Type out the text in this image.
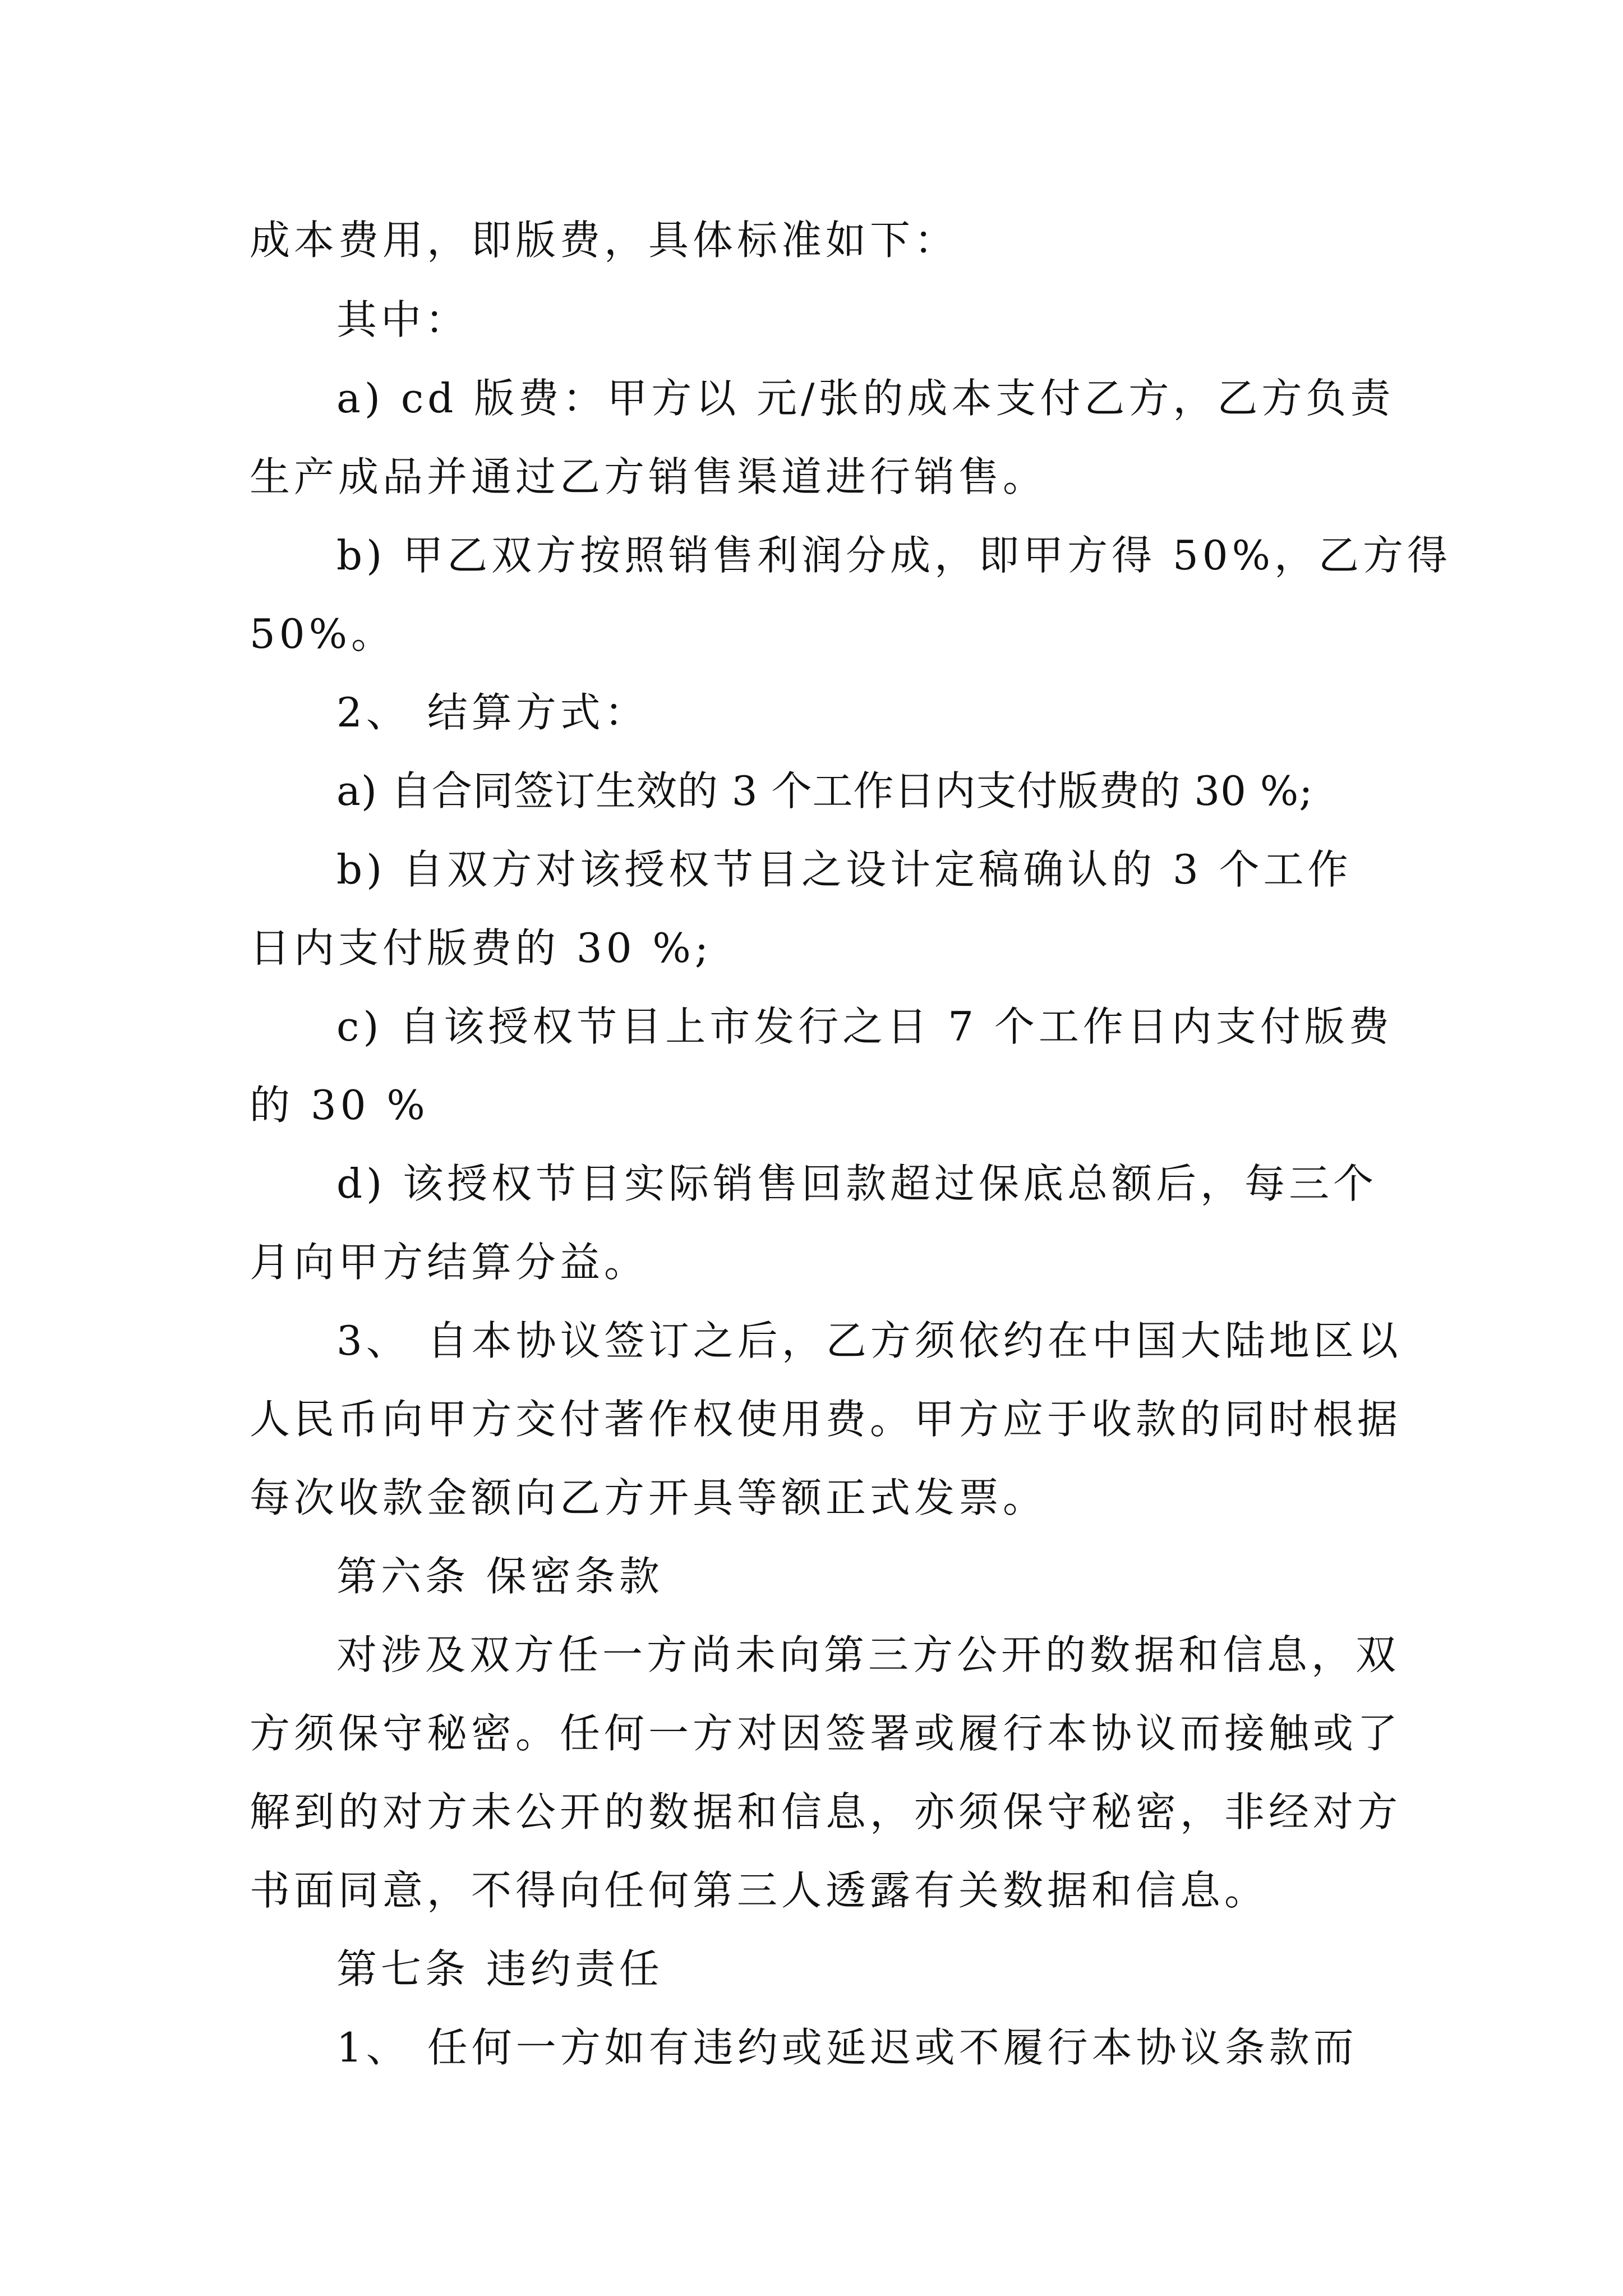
成本费用，即版费，具体标准如下：
其中：
a) cd 版费：甲方以 元/张的成本支付乙方，乙方负责
生产成品并通过乙方销售渠道进行销售。
b) 甲乙双方按照销售利润分成，即甲方得 50%，乙方得
50%。
2、 结算方式：
a) 自合同签订生效的 3 个工作日内支付版费的 30 %;
b) 自双方对该授权节目之设计定稿确认的 3 个工作
日内支付版费的 30 %;
c) 自该授权节目上市发行之日 7 个工作日内支付版费
的 30 %
d) 该授权节目实际销售回款超过保底总额后，每三个
月向甲方结算分益。
3、 自本协议签订之后，乙方须依约在中国大陆地区以
人民币向甲方交付著作权使用费。甲方应于收款的同时根据
每次收款金额向乙方开具等额正式发票。
第六条 保密条款
对涉及双方任一方尚未向第三方公开的数据和信息，双
方须保守秘密。任何一方对因签署或履行本协议而接触或了
解到的对方未公开的数据和信息，亦须保守秘密，非经对方
书面同意，不得向任何第三人透露有关数据和信息。
第七条 违约责任
1、 任何一方如有违约或延迟或不履行本协议条款而
